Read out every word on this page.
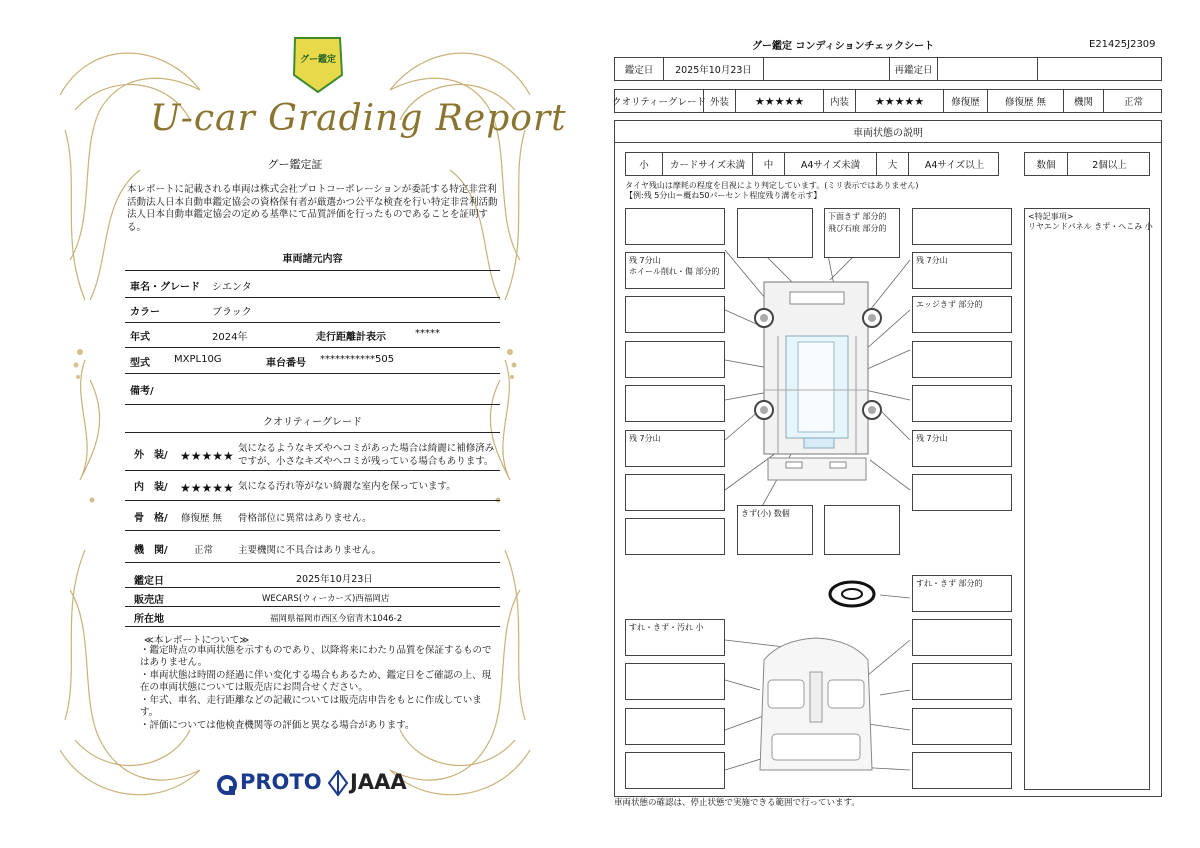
グー鑑定
U-car Grading Report
グー鑑定証
本レポートに記載される車両は株式会社プロトコーポレーションが委託する特定非営利活動法人日本自動車鑑定協会の資格保有者が厳選かつ公平な検査を行い特定非営利活動法人日本自動車鑑定協会の定める基準にて品質評価を行ったものであることを証明する。
車両諸元内容
車名・グレード シエンタ
カラー	ブラック
年式	2024年	走行距離計表示	*****
型式 MXPL10G	車台番号 ***********505
備考/
クオリティーグレード
外　装/ ★★★★★
気になるようなキズやヘコミがあった場合は綺麗に補修済み
ですが、小さなキズやヘコミが残っている場合もあります。
内　装/ ★★★★★ 気になる汚れ等がない綺麗な室内を保っています。
骨　格/ 修復歴 無 骨格部位に異常はありません。
機　関/	正常	主要機関に不具合はありません。
鑑定日	2025年10月23日
販売店	WECARS(ウィーカーズ)西福岡店
所在地	福岡県福岡市西区今宿青木1046-2
≪本レポートについて≫
・鑑定時点の車両状態を示すものであり、以降将来にわたり品質を保証するものではありません。
・車両状態は時間の経過に伴い変化する場合もあるため、鑑定日をご確認の上、現在の車両状態については販売店にお問合せください。
・年式、車名、走行距離などの記載については販売店申告をもとに作成しています。
・評価については他検査機関等の評価と異なる場合があります。
PROTO JAAA
グー鑑定 コンディションチェックシート	E21425J2309
鑑定日	2025年10月23日	再鑑定日
クオリティーグレード 外装	★★★★★	内装	★★★★★	修復歴	修復歴 無	機関	正常
車両状態の説明
小	カードサイズ未満	中	A4サイズ未満	大	A4サイズ以上	数個	2個以上
タイヤ残山は摩耗の程度を目視により判定しています。(ミリ表示ではありません)
【例:残 5分山＝概ね50パーセント程度残り溝を示す】
<特記事項>
リヤエンドパネル きず・へこみ 小
残 7分山
ホイール削れ・傷 部分的
残 7分山
すれ・きず・汚れ 小
下面きず 部分的
飛び石痕 部分的
きず(小) 数個
残 7分山
エッジきず 部分的
残 7分山
すれ・きず 部分的
車両状態の確認は、停止状態で実施できる範囲で行っています。
